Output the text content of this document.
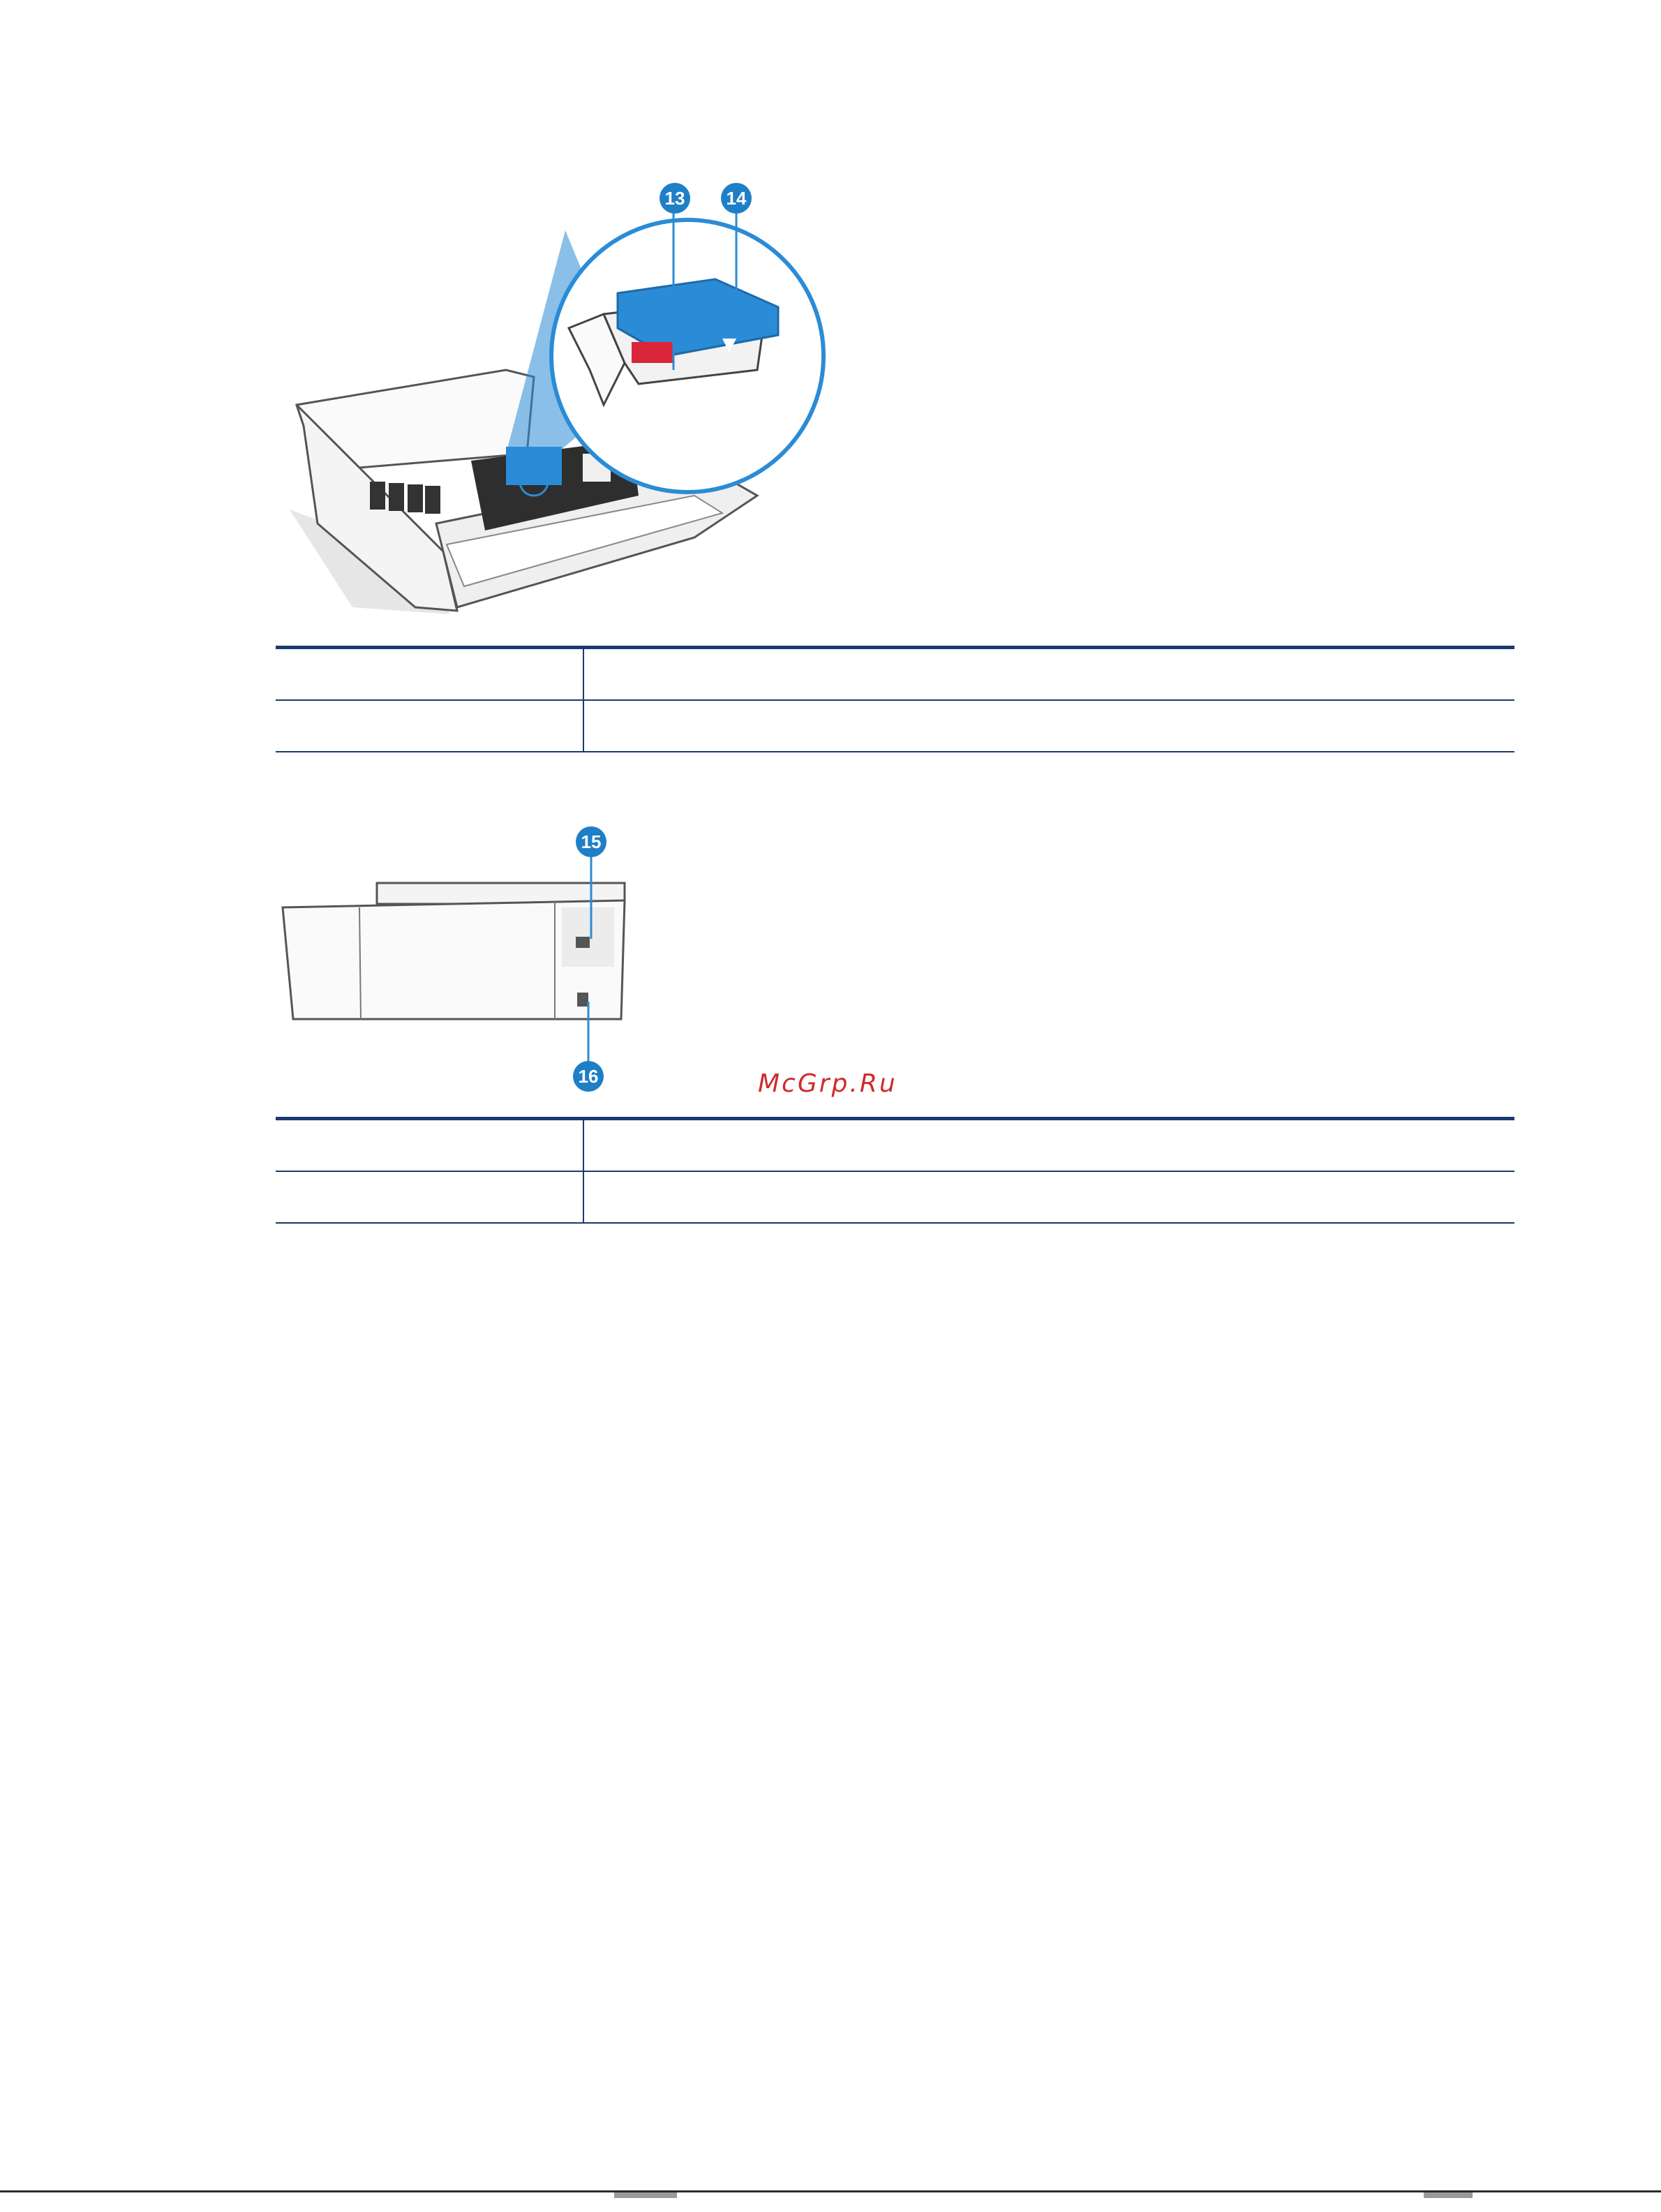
13 14

15
16	McGrp.Ru
